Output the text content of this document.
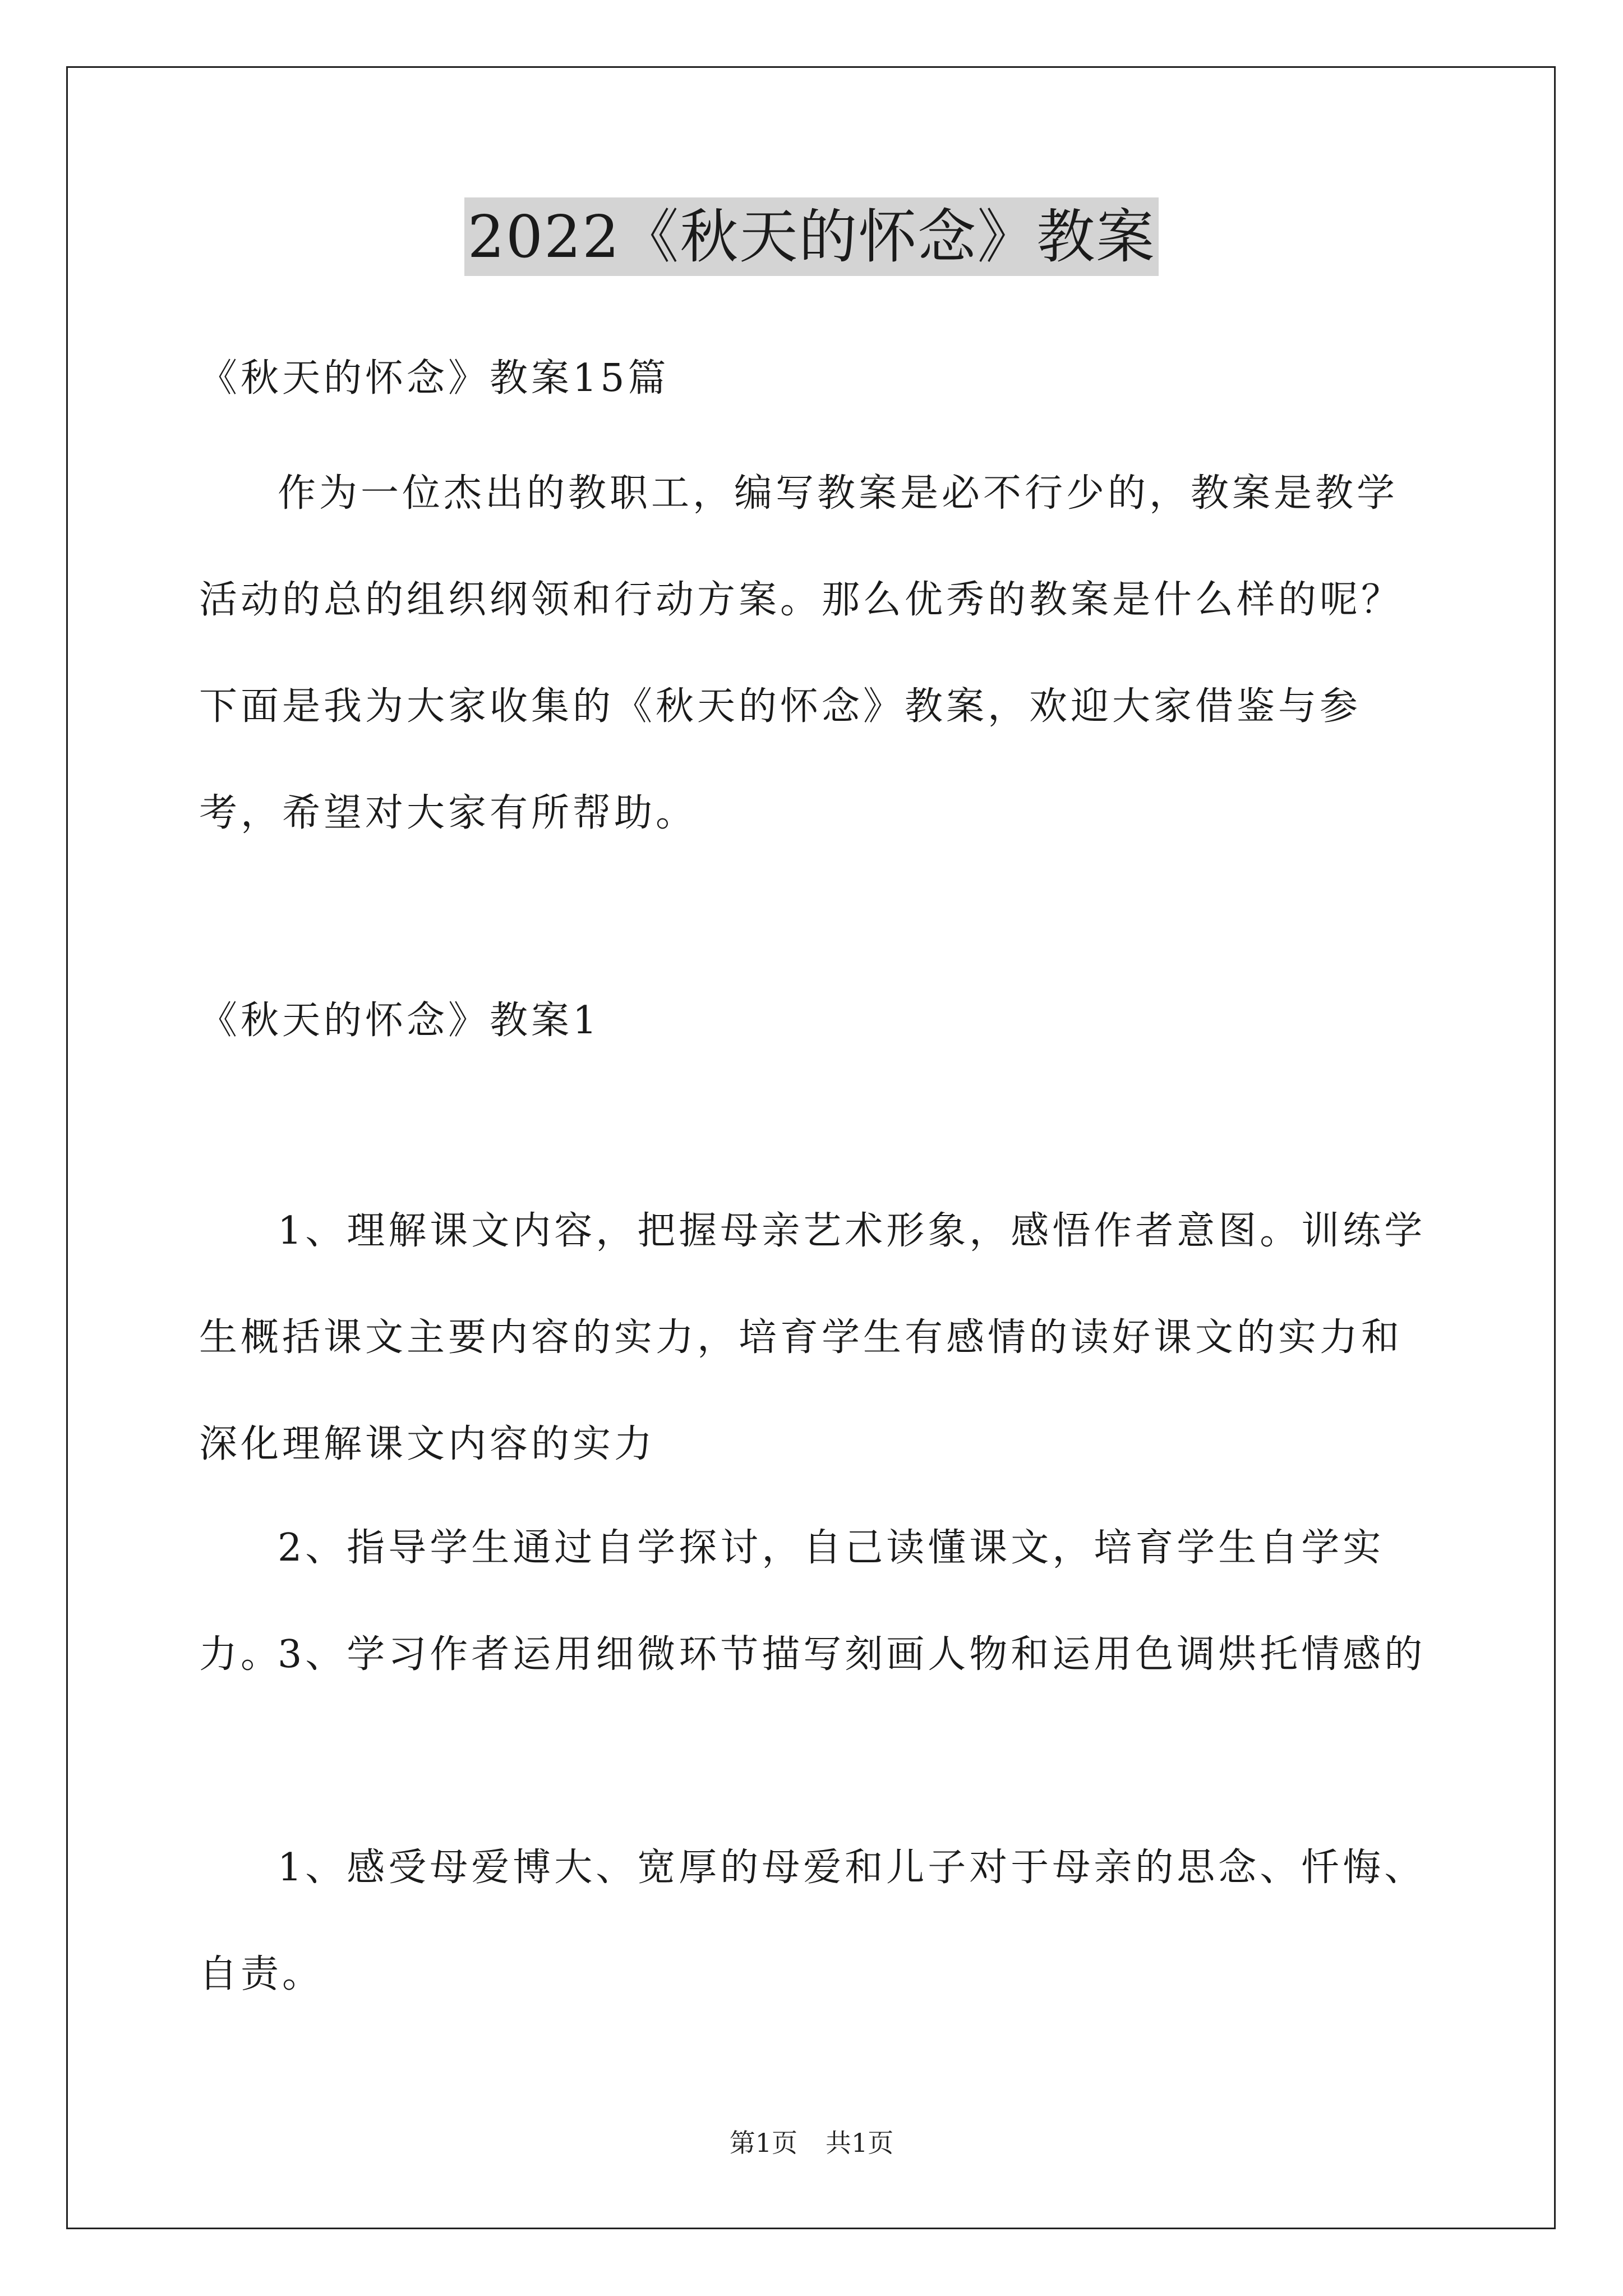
2022《秋天的怀念》教案

《秋天的怀念》教案15篇

作为一位杰出的教职工，编写教案是必不行少的，教案是教学活动的总的组织纲领和行动方案。那么优秀的教案是什么样的呢？下面是我为大家收集的《秋天的怀念》教案，欢迎大家借鉴与参考，希望对大家有所帮助。

《秋天的怀念》教案1

1、理解课文内容，把握母亲艺术形象，感悟作者意图。训练学生概括课文主要内容的实力，培育学生有感情的读好课文的实力和深化理解课文内容的实力

2、指导学生通过自学探讨，自己读懂课文，培育学生自学实力。

3、学习作者运用细微环节描写刻画人物和运用色调烘托情感的

1、感受母爱博大、宽厚的母爱和儿子对于母亲的思念、忏悔、自责。

第1页 共1页
